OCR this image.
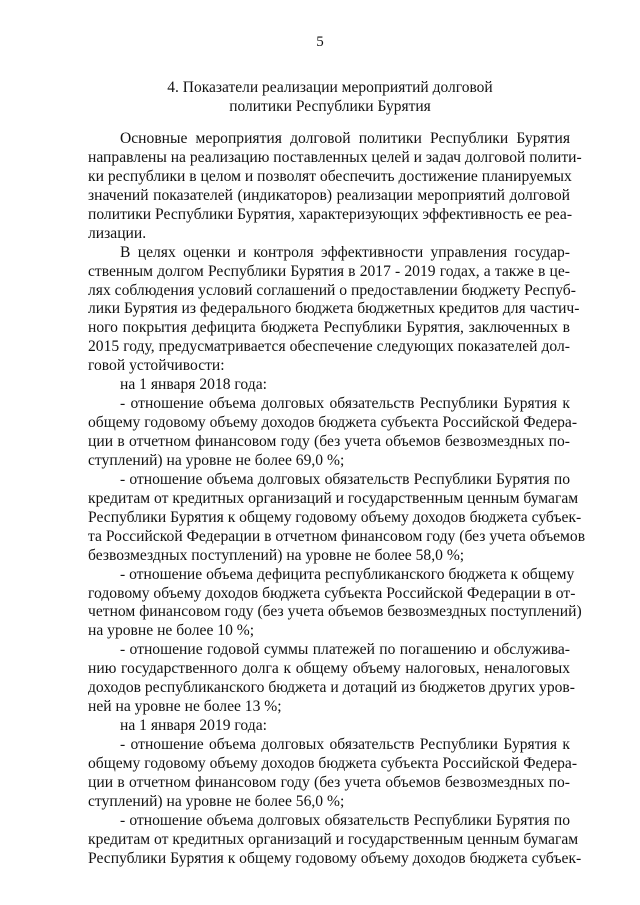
5
4. Показатели реализации мероприятий долговой
политики Республики Бурятия
Основные мероприятия долговой политики Республики Бурятия
направлены на реализацию поставленных целей и задач долговой полити-
ки республики в целом и позволят обеспечить достижение планируемых
значений показателей (индикаторов) реализации мероприятий долговой
политики Республики Бурятия, характеризующих эффективность ее реа-
лизации.
В целях оценки и контроля эффективности управления государ-
ственным долгом Республики Бурятия в 2017 - 2019 годах, а также в це-
лях соблюдения условий соглашений о предоставлении бюджету Респуб-
лики Бурятия из федерального бюджета бюджетных кредитов для частич-
ного покрытия дефицита бюджета Республики Бурятия, заключенных в
2015 году, предусматривается обеспечение следующих показателей дол-
говой устойчивости:
на 1 января 2018 года:
- отношение объема долговых обязательств Республики Бурятия к
общему годовому объему доходов бюджета субъекта Российской Федера-
ции в отчетном финансовом году (без учета объемов безвозмездных по-
ступлений) на уровне не более 69,0 %;
- отношение объема долговых обязательств Республики Бурятия по
кредитам от кредитных организаций и государственным ценным бумагам
Республики Бурятия к общему годовому объему доходов бюджета субъек-
та Российской Федерации в отчетном финансовом году (без учета объемов
безвозмездных поступлений) на уровне не более 58,0 %;
- отношение объема дефицита республиканского бюджета к общему
годовому объему доходов бюджета субъекта Российской Федерации в от-
четном финансовом году (без учета объемов безвозмездных поступлений)
на уровне не более 10 %;
- отношение годовой суммы платежей по погашению и обслужива-
нию государственного долга к общему объему налоговых, неналоговых
доходов республиканского бюджета и дотаций из бюджетов других уров-
ней на уровне не более 13 %;
на 1 января 2019 года:
- отношение объема долговых обязательств Республики Бурятия к
общему годовому объему доходов бюджета субъекта Российской Федера-
ции в отчетном финансовом году (без учета объемов безвозмездных по-
ступлений) на уровне не более 56,0 %;
- отношение объема долговых обязательств Республики Бурятия по
кредитам от кредитных организаций и государственным ценным бумагам
Республики Бурятия к общему годовому объему доходов бюджета субъек-
